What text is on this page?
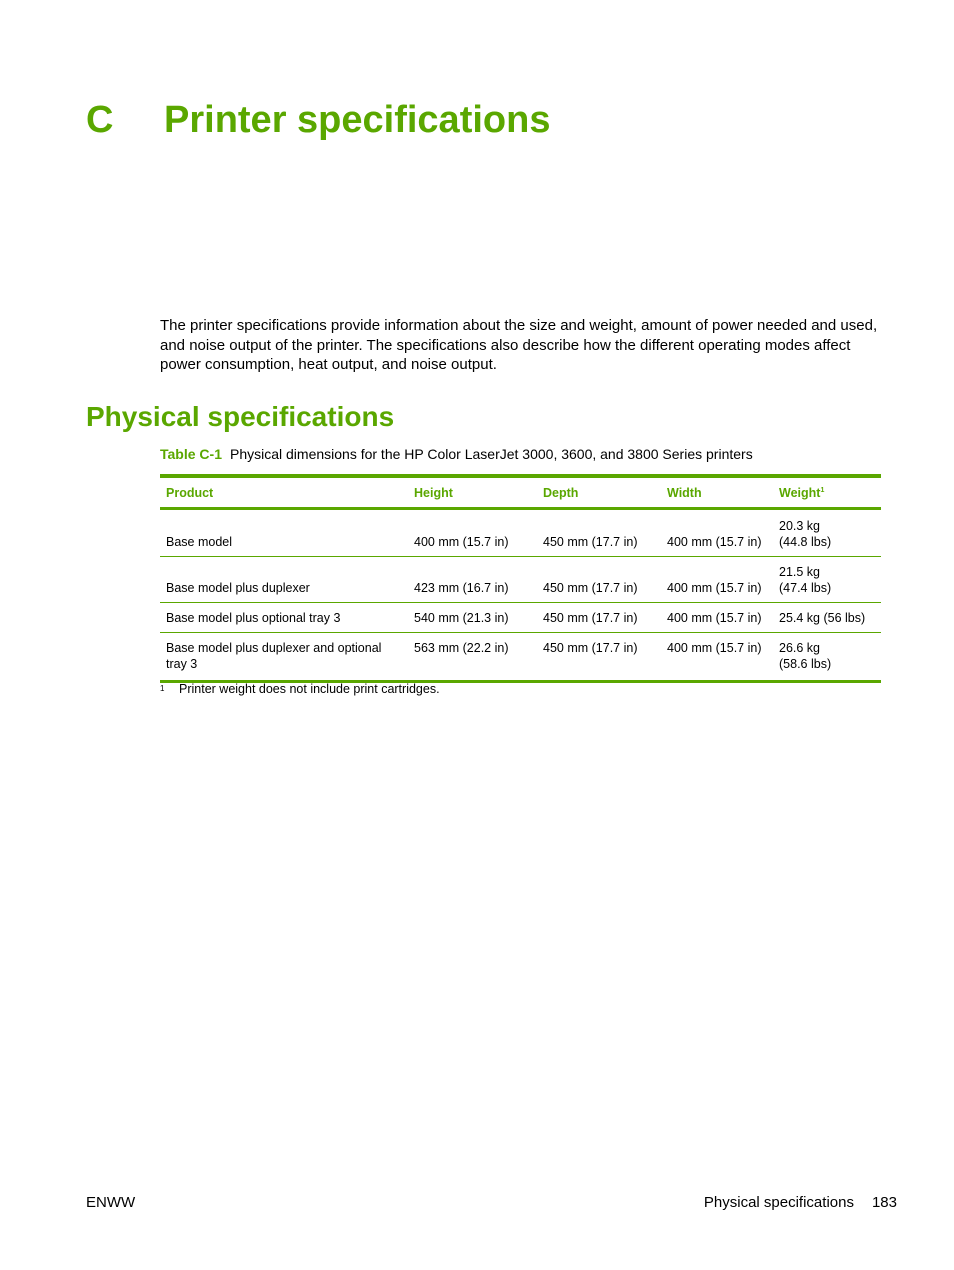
C Printer specifications

The printer specifications provide information about the size and weight, amount of power needed and used, and noise output of the printer. The specifications also describe how the different operating modes affect power consumption, heat output, and noise output.

Physical specifications

Table C-1 Physical dimensions for the HP Color LaserJet 3000, 3600, and 3800 Series printers

Product	Height	Depth	Width	Weight$^1$
Base model	400 mm (15.7 in)	450 mm (17.7 in)	400 mm (15.7 in)	20.3 kg
(44.8 lbs)

Base model plus duplexer	423 mm (16.7 in)	450 mm (17.7 in)	400 mm (15.7 in)	21.5 kg
(47.4 lbs)

Base model plus optional tray 3	540 mm (21.3 in)	450 mm (17.7 in)	400 mm (15.7 in)	25.4 kg (56 lbs)
Base model plus duplexer and optional tray 3	563 mm (22.2 in)	450 mm (17.7 in)	400 mm (15.7 in)	26.6 kg
(58.6 lbs)

1 Printer weight does not include print cartridges.

ENWW	Physical specifications 183
